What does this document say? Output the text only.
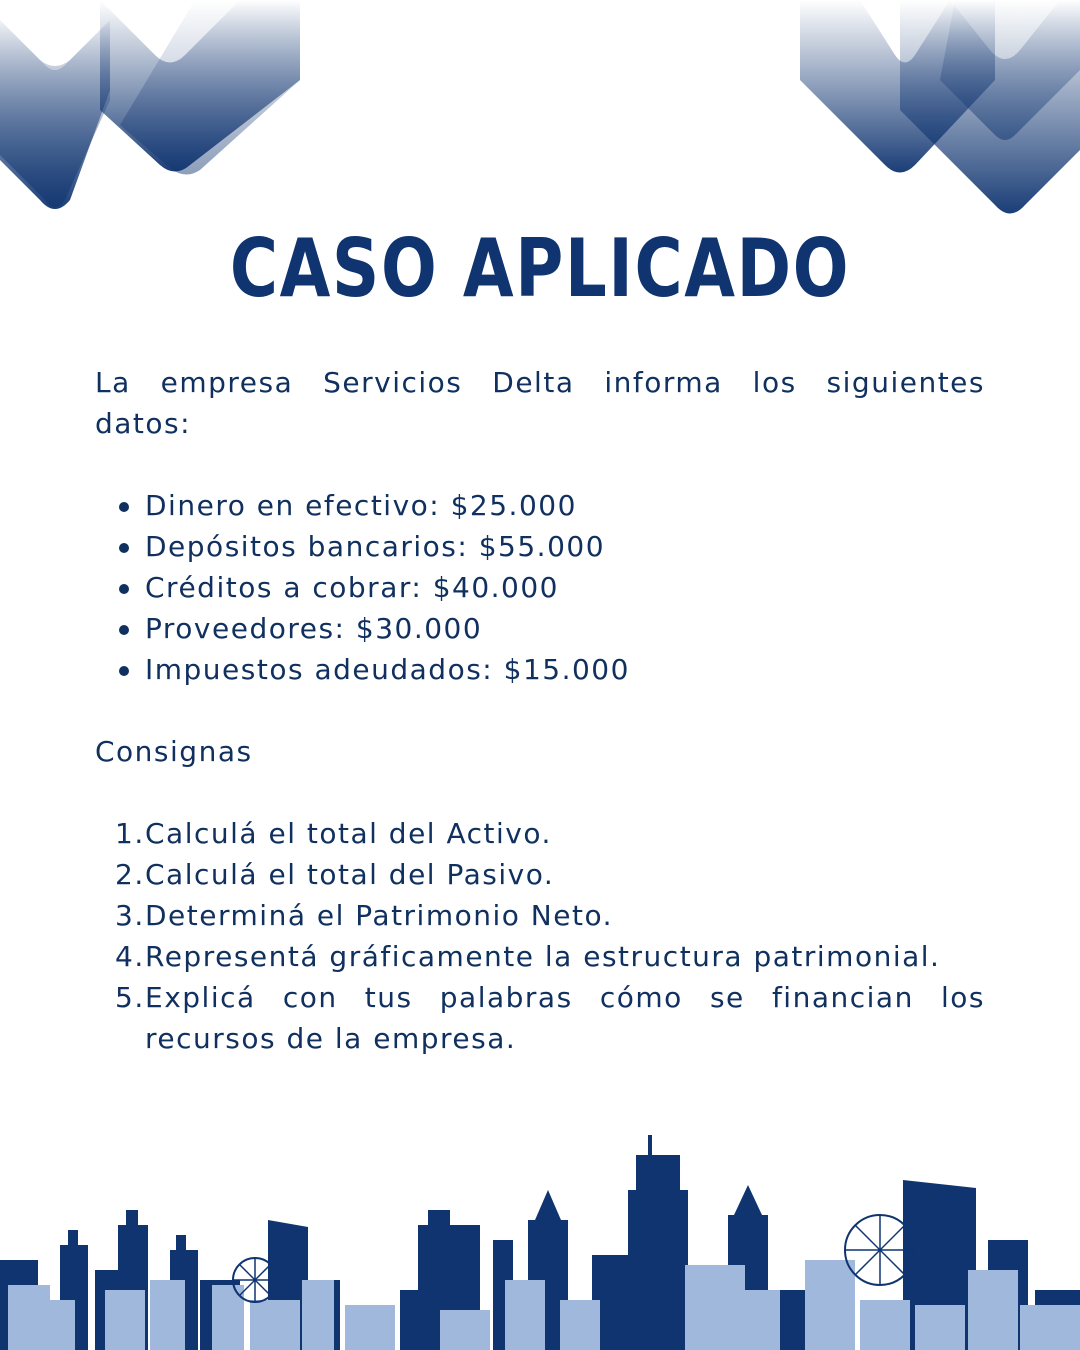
CASO APLICADO

La empresa Servicios Delta informa los siguientes
datos:

Dinero en efectivo: $25.000
Depósitos bancarios: $55.000
Créditos a cobrar: $40.000
Proveedores: $30.000
Impuestos adeudados: $15.000
Consignas
1. Calculá el total del Activo.
2. Calculá el total del Pasivo.
3. Determiná el Patrimonio Neto.
4. Representá gráficamente la estructura patrimonial.
5. Explicá con tus palabras cómo se financian los recursos de la empresa.
